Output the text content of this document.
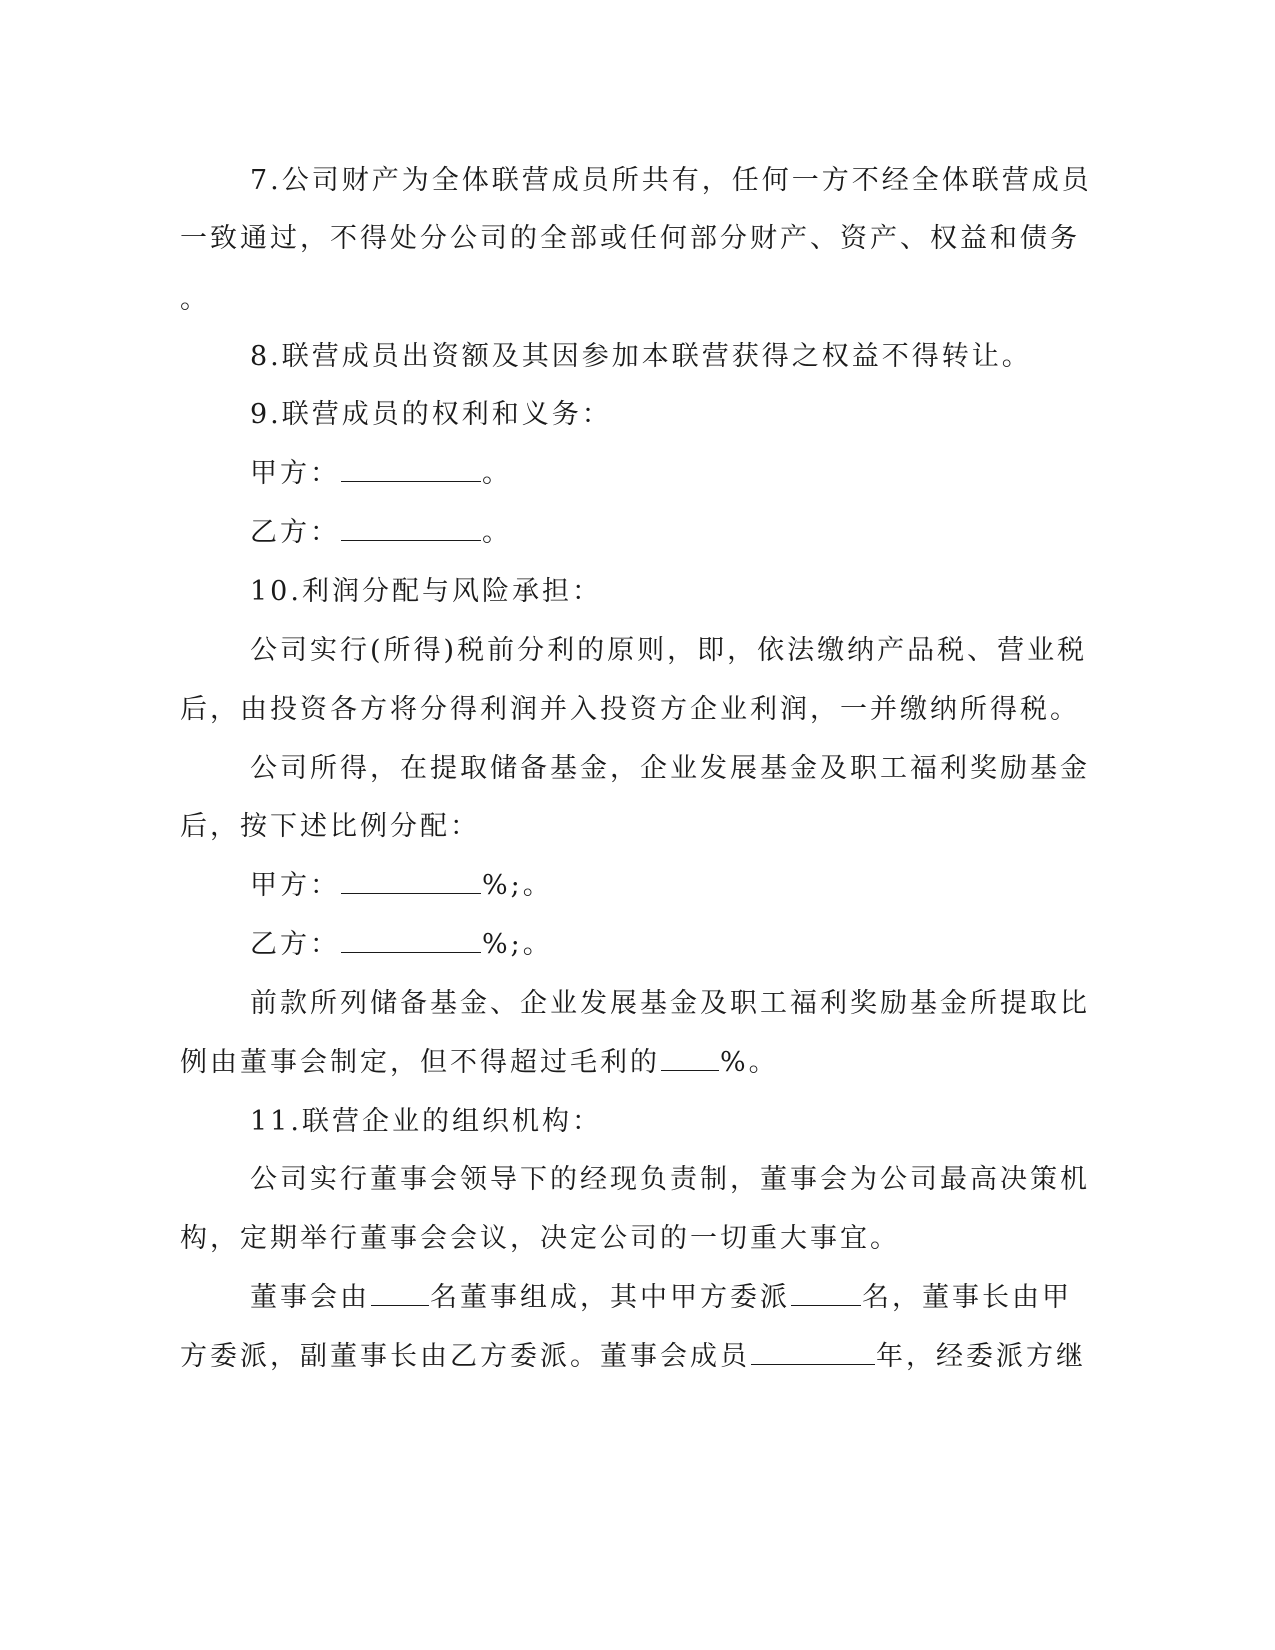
7.公司财产为全体联营成员所共有，任何一方不经全体联营成员
一致通过，不得处分公司的全部或任何部分财产、资产、权益和债务
。
8.联营成员出资额及其因参加本联营获得之权益不得转让。
9.联营成员的权利和义务：
甲方：	。
乙方：	。
10.利润分配与风险承担：
公司实行(所得)税前分利的原则，即，依法缴纳产品税、营业税
后，由投资各方将分得利润并入投资方企业利润，一并缴纳所得税。
公司所得，在提取储备基金，企业发展基金及职工福利奖励基金
后，按下述比例分配：
甲方：	%;。
乙方：	%;。
前款所列储备基金、企业发展基金及职工福利奖励基金所提取比
例由董事会制定，但不得超过毛利的 %。
11.联营企业的组织机构：
公司实行董事会领导下的经现负责制，董事会为公司最高决策机
构，定期举行董事会会议，决定公司的一切重大事宜。
董事会由 名董事组成，其中甲方委派	名，董事长由甲
方委派，副董事长由乙方委派。董事会成员	年，经委派方继
